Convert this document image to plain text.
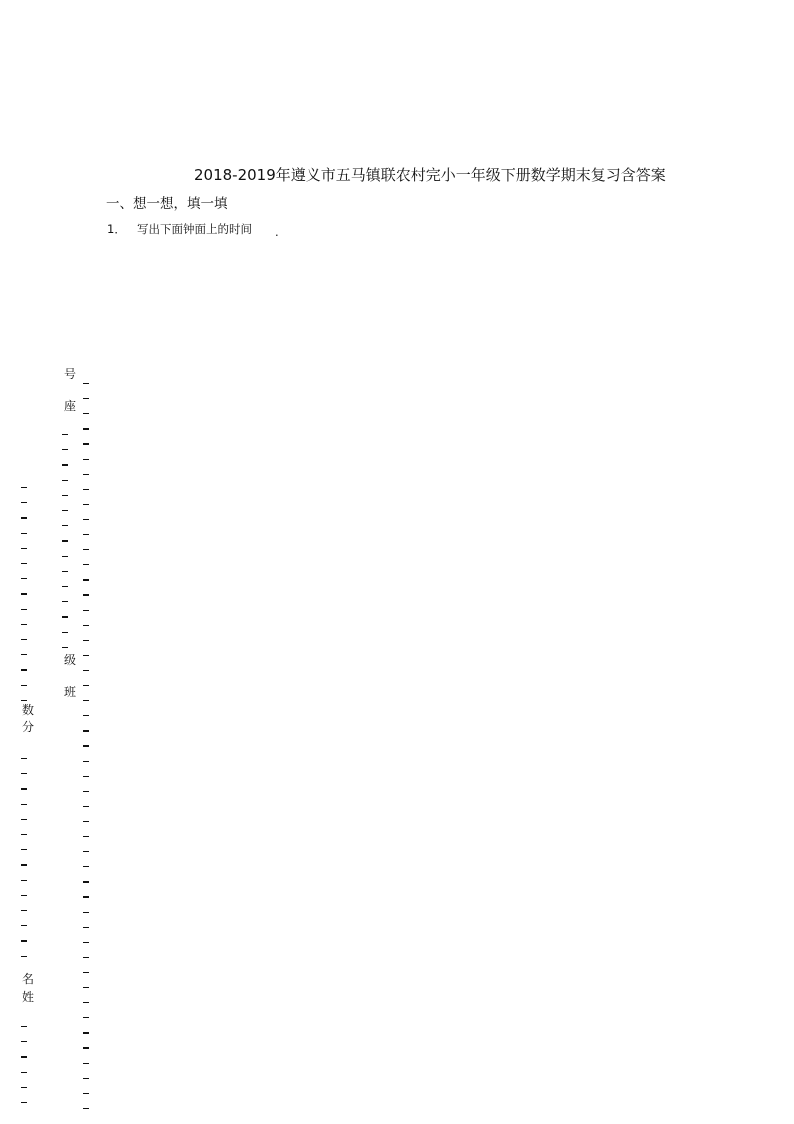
2018-2019年遵义市五马镇联农村完小一年级下册数学期末复习含答案
一、想一想，填一填
1． 写出下面钟面上的时间 .
号
座
级
班
数
分
名
姓
